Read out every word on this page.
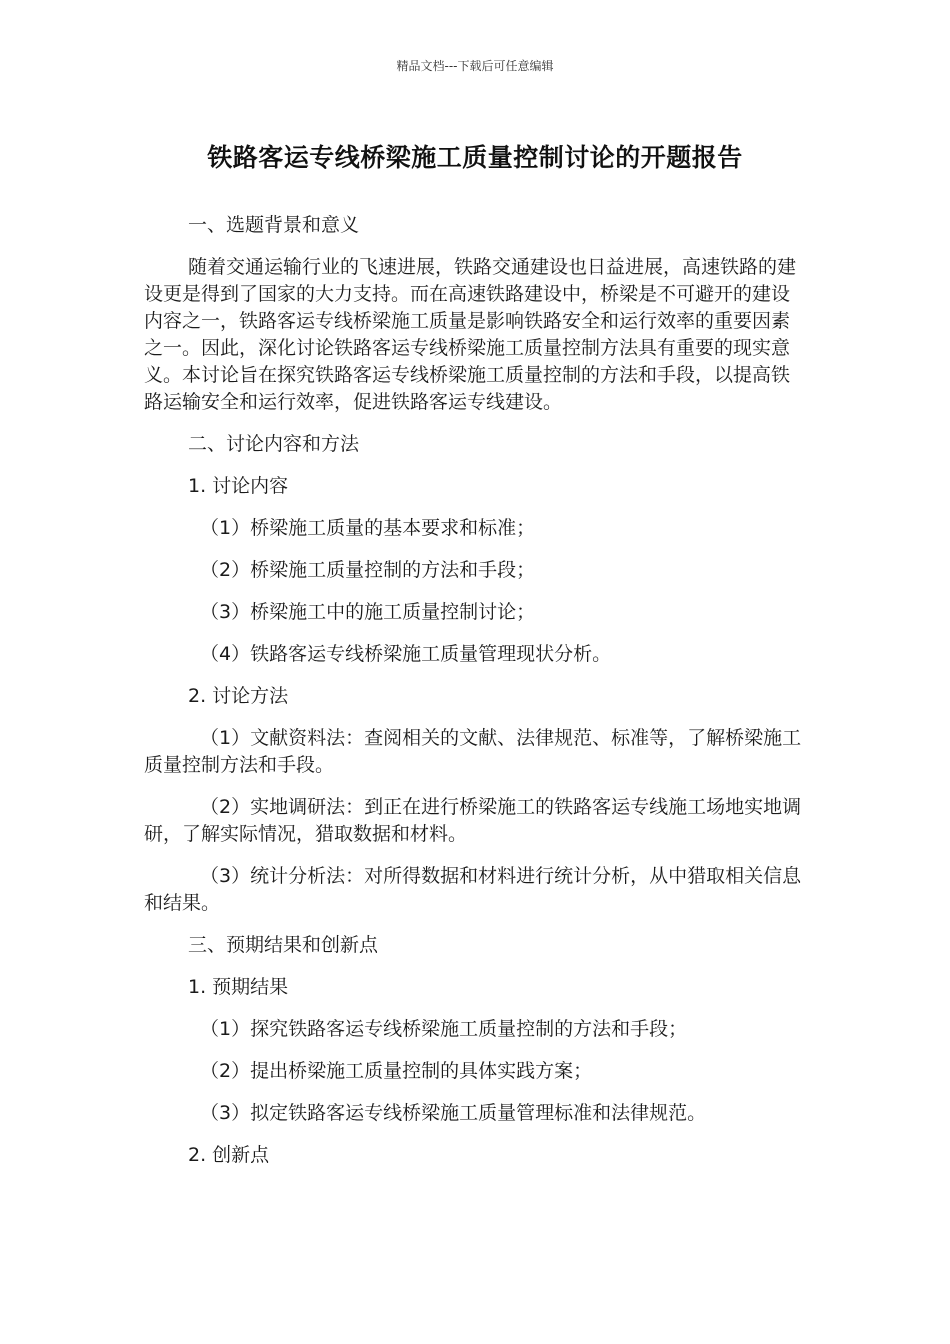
精品文档---下载后可任意编辑
铁路客运专线桥梁施工质量控制讨论的开题报告

一、选题背景和意义

随着交通运输行业的飞速进展，铁路交通建设也日益进展，高速铁路的建设更是得到了国家的大力支持。而在高速铁路建设中，桥梁是不可避开的建设内容之一，铁路客运专线桥梁施工质量是影响铁路安全和运行效率的重要因素之一。因此，深化讨论铁路客运专线桥梁施工质量控制方法具有重要的现实意义。本讨论旨在探究铁路客运专线桥梁施工质量控制的方法和手段，以提高铁路运输安全和运行效率，促进铁路客运专线建设。

二、讨论内容和方法

1. 讨论内容

（1）桥梁施工质量的基本要求和标准；

（2）桥梁施工质量控制的方法和手段；

（3）桥梁施工中的施工质量控制讨论；

（4）铁路客运专线桥梁施工质量管理现状分析。

2. 讨论方法

（1）文献资料法：查阅相关的文献、法律规范、标准等，了解桥梁施工质量控制方法和手段。

（2）实地调研法：到正在进行桥梁施工的铁路客运专线施工场地实地调研，了解实际情况，猎取数据和材料。

（3）统计分析法：对所得数据和材料进行统计分析，从中猎取相关信息和结果。

三、预期结果和创新点

1. 预期结果

（1）探究铁路客运专线桥梁施工质量控制的方法和手段；

（2）提出桥梁施工质量控制的具体实践方案；

（3）拟定铁路客运专线桥梁施工质量管理标准和法律规范。

2. 创新点
